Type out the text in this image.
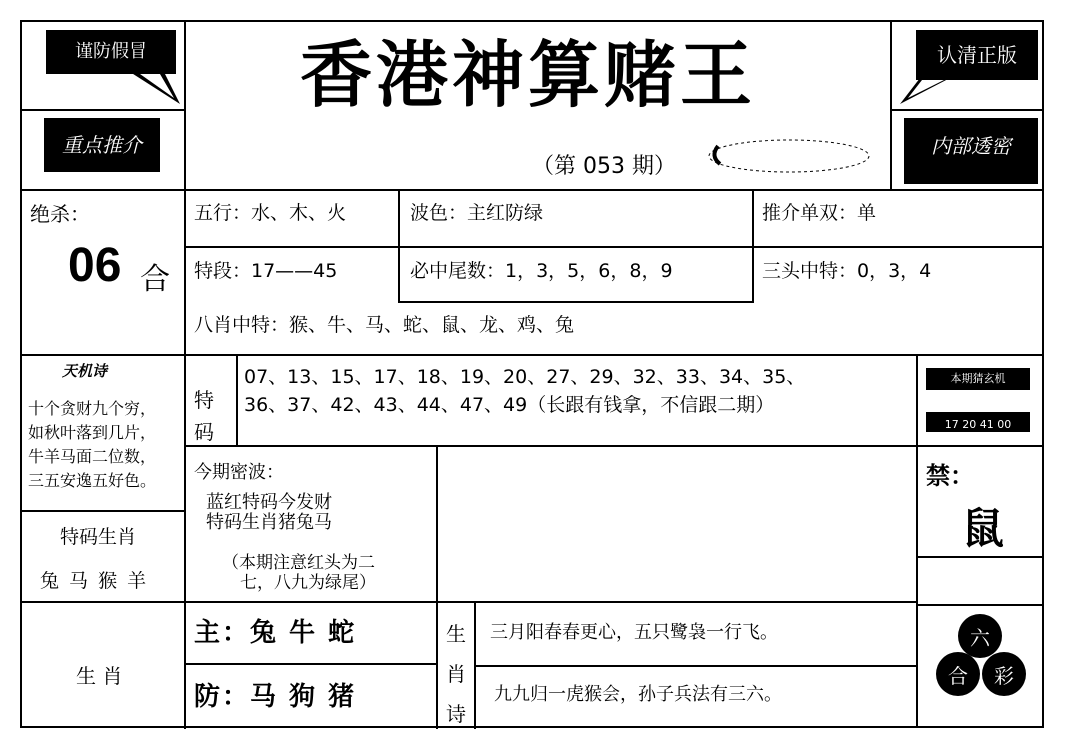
谨防假冒	香港神算赌王	认清正版
重点推介
（第 053 期）
内部透密
绝杀：
06 合
五行：水、木、火	波色：主红防绿	推介单双：单
特段：17——45	必中尾数：1，3，5，6，8，9	三头中特：0，3，4
八肖中特：猴、牛、马、蛇、鼠、龙、鸡、兔
天机诗
十个贪财九个穷，
如秋叶落到几片，
牛羊马面二位数，
三五安逸五好色。
特
码
07、13、15、17、18、19、20、27、29、32、33、34、35、
36、37、42、43、44、47、49（长跟有钱拿，不信跟二期）
本期猜玄机
17 20 41 00
今期密波：
蓝红特码今发财
特码生肖猪兔马
（本期注意红头为二
七，八九为绿尾）
特码生肖
兔 马 猴 羊
禁：
鼠
生 肖
主：兔 牛 蛇
防：马 狗 猪
生
肖
诗
三月阳春春更心，五只鹭袅一行飞。
九九归一虎猴会，孙子兵法有三六。
六
合 彩
